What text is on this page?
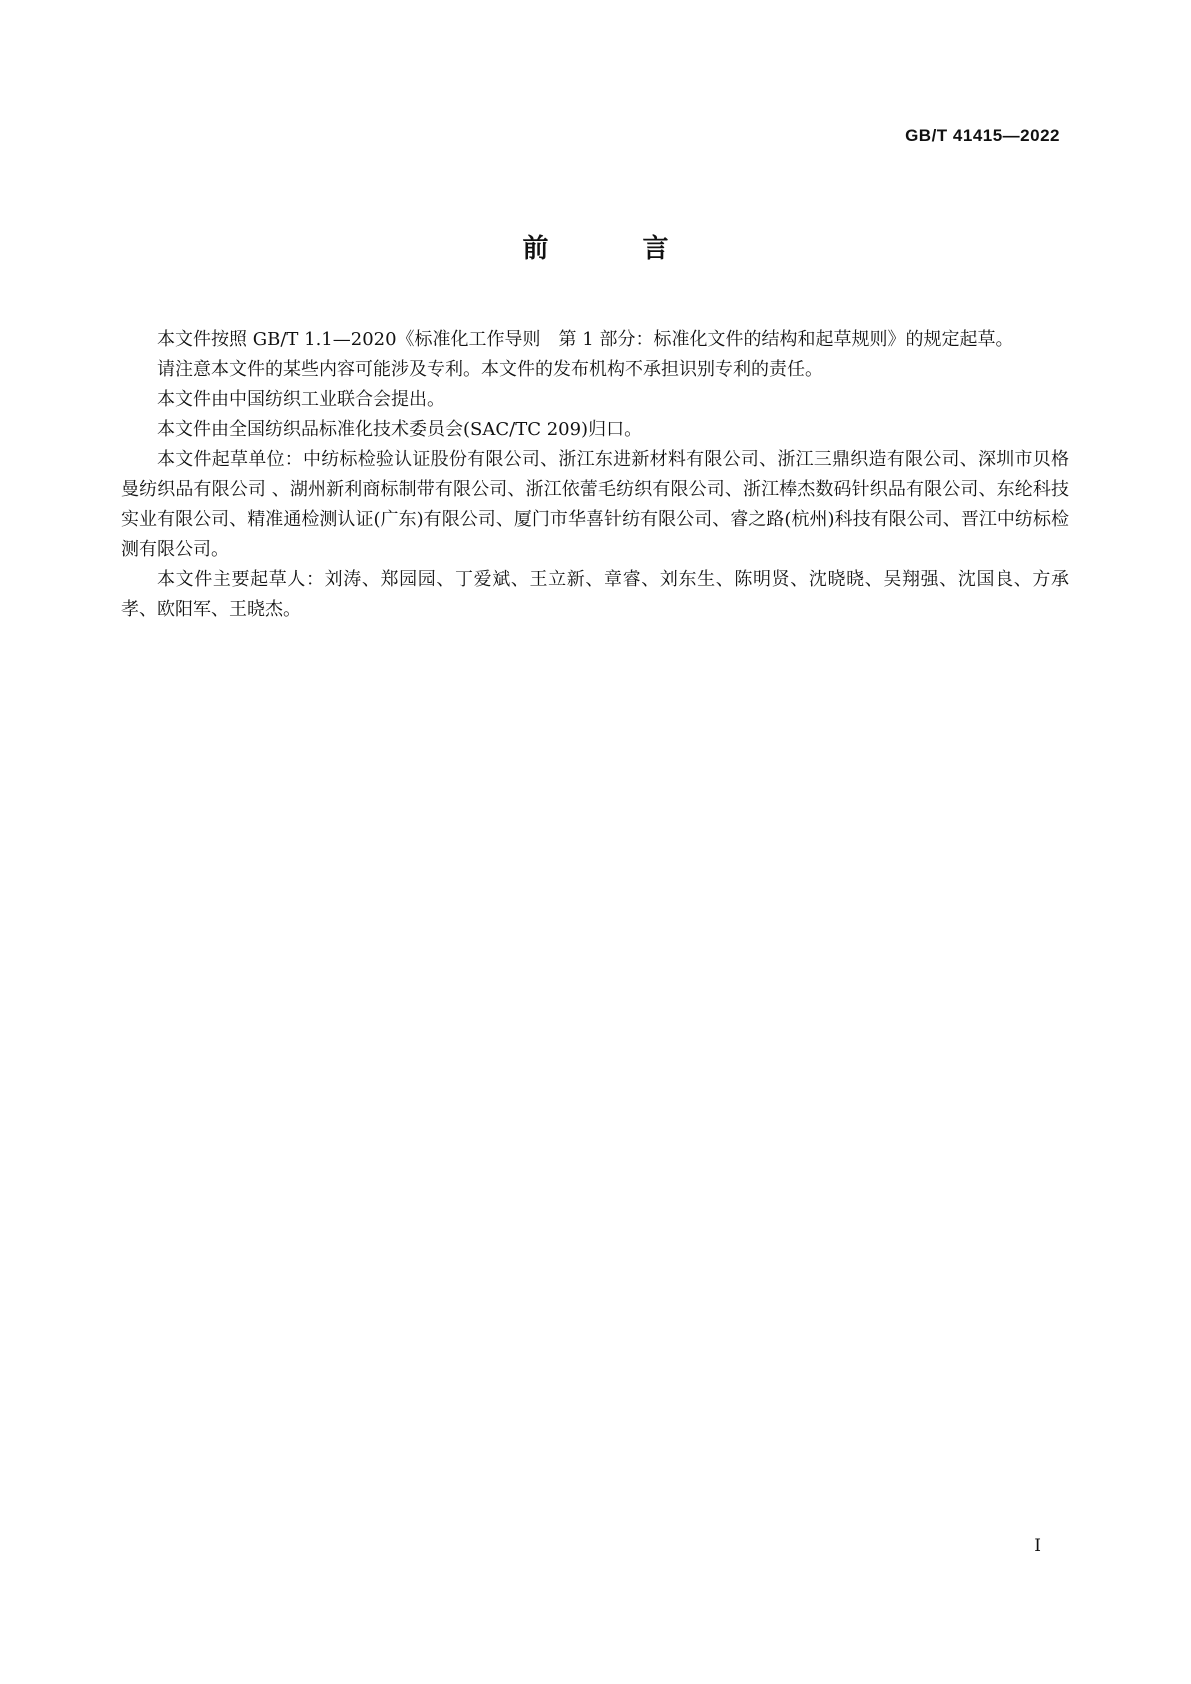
GB/T 41415—2022
前　言

本文件按照 GB/T 1.1—2020《标准化工作导则　第 1 部分：标准化文件的结构和起草规则》的规定起草。

请注意本文件的某些内容可能涉及专利。本文件的发布机构不承担识别专利的责任。

本文件由中国纺织工业联合会提出。

本文件由全国纺织品标准化技术委员会(SAC/TC 209)归口。

本文件起草单位：中纺标检验认证股份有限公司、浙江东进新材料有限公司、浙江三鼎织造有限公司、深圳市贝格曼纺织品有限公司 、湖州新利商标制带有限公司、浙江依蕾毛纺织有限公司、浙江棒杰数码针织品有限公司、东纶科技实业有限公司、精准通检测认证(广东)有限公司、厦门市华喜针纺有限公司、睿之路(杭州)科技有限公司、晋江中纺标检测有限公司。

本文件主要起草人：刘涛、郑园园、丁爱斌、王立新、章睿、刘东生、陈明贤、沈晓晓、吴翔强、沈国良、方承孝、欧阳军、王晓杰。

I
